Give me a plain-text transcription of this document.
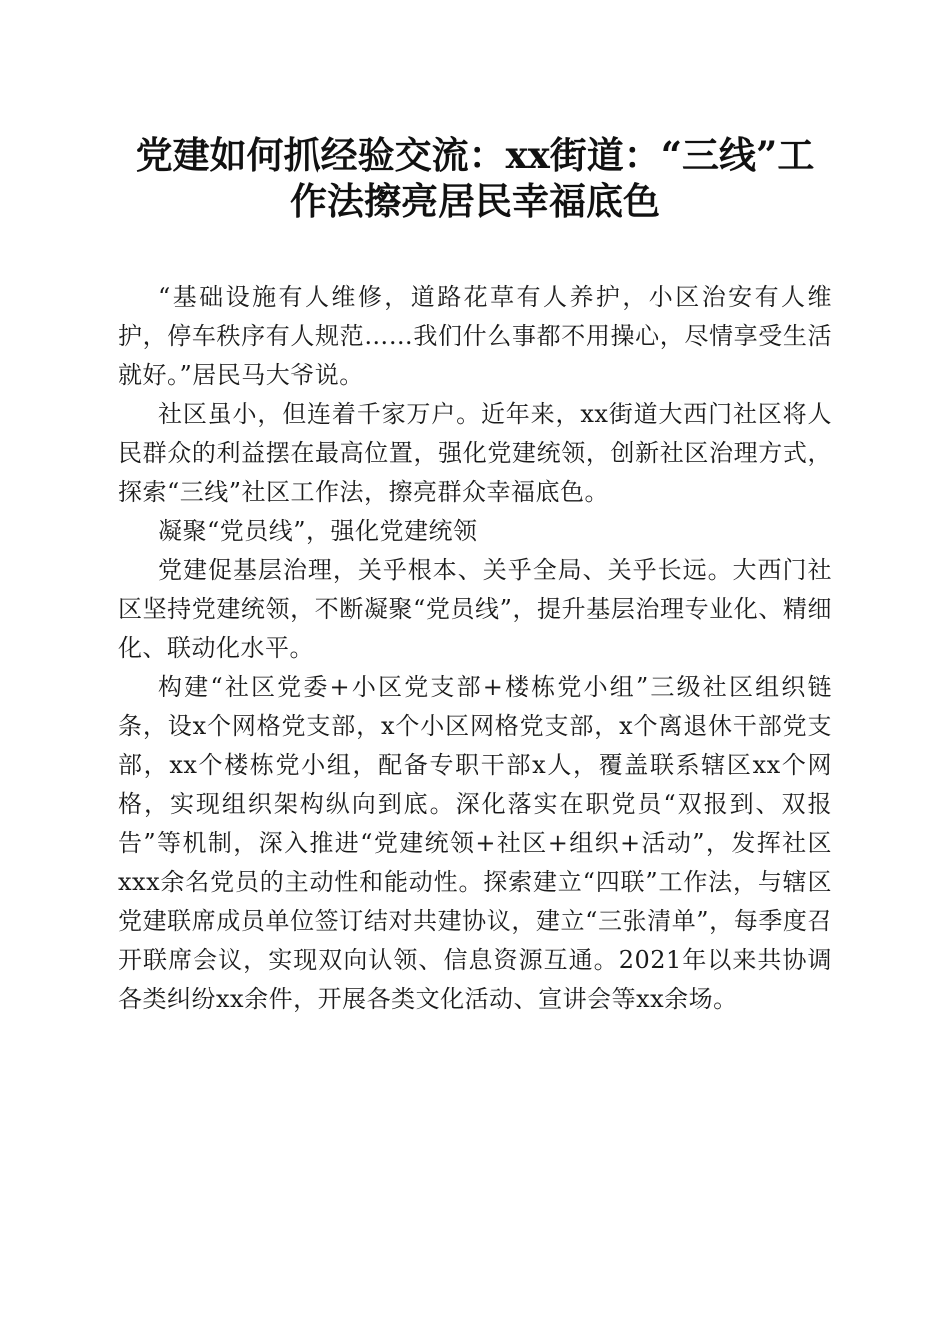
党建如何抓经验交流：xx街道：“三线”工
作法擦亮居民幸福底色

“基础设施有人维修，道路花草有人养护，小区治安有人维护，停车秩序有人规范……我们什么事都不用操心，尽情享受生活就好。”居民马大爷说。

社区虽小，但连着千家万户。近年来，xx街道大西门社区将人民群众的利益摆在最高位置，强化党建统领，创新社区治理方式，探索“三线”社区工作法，擦亮群众幸福底色。

凝聚“党员线”，强化党建统领

党建促基层治理，关乎根本、关乎全局、关乎长远。大西门社区坚持党建统领，不断凝聚“党员线”，提升基层治理专业化、精细化、联动化水平。

构建“社区党委+小区党支部+楼栋党小组”三级社区组织链条，设x个网格党支部，x个小区网格党支部，x个离退休干部党支部，xx个楼栋党小组，配备专职干部x人，覆盖联系辖区xx个网格，实现组织架构纵向到底。深化落实在职党员“双报到、双报告”等机制，深入推进“党建统领+社区+组织+活动”，发挥社区xxx余名党员的主动性和能动性。探索建立“四联”工作法，与辖区党建联席成员单位签订结对共建协议，建立“三张清单”，每季度召开联席会议，实现双向认领、信息资源互通。2021年以来共协调各类纠纷xx余件，开展各类文化活动、宣讲会等xx余场。
